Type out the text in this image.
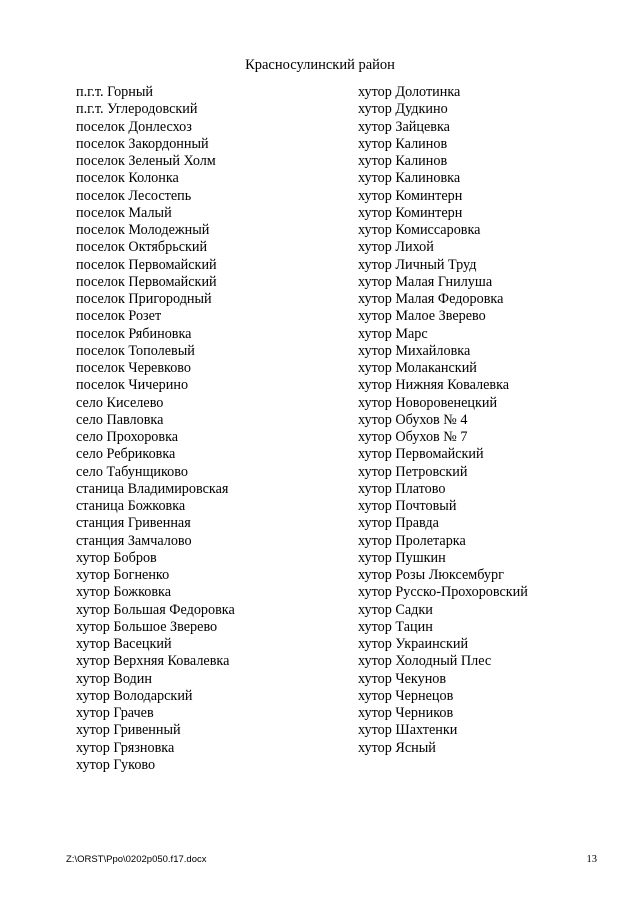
Красносулинский район
п.г.т. Горный
п.г.т. Углеродовский
поселок Донлесхоз
поселок Закордонный
поселок Зеленый Холм
поселок Колонка
поселок Лесостепь
поселок Малый
поселок Молодежный
поселок Октябрьский
поселок Первомайский
поселок Первомайский
поселок Пригородный
поселок Розет
поселок Рябиновка
поселок Тополевый
поселок Черевково
поселок Чичерино
село Киселево
село Павловка
село Прохоровка
село Ребриковка
село Табунщиково
станица Владимировская
станица Божковка
станция Гривенная
станция Замчалово
хутор Бобров
хутор Богненко
хутор Божковка
хутор Большая Федоровка
хутор Большое Зверево
хутор Васецкий
хутор Верхняя Ковалевка
хутор Водин
хутор Володарский
хутор Грачев
хутор Гривенный
хутор Грязновка
хутор Гуково
хутор Долотинка
хутор Дудкино
хутор Зайцевка
хутор Калинов
хутор Калинов
хутор Калиновка
хутор Коминтерн
хутор Коминтерн
хутор Комиссаровка
хутор Лихой
хутор Личный Труд
хутор Малая Гнилуша
хутор Малая Федоровка
хутор Малое Зверево
хутор Марс
хутор Михайловка
хутор Молаканский
хутор Нижняя Ковалевка
хутор Новоровенецкий
хутор Обухов № 4
хутор Обухов № 7
хутор Первомайский
хутор Петровский
хутор Платово
хутор Почтовый
хутор Правда
хутор Пролетарка
хутор Пушкин
хутор Розы Люксембург
хутор Русско-Прохоровский
хутор Садки
хутор Тацин
хутор Украинский
хутор Холодный Плес
хутор Чекунов
хутор Чернецов
хутор Черников
хутор Шахтенки
хутор Ясный
Z:\ORST\Ppo\0202p050.f17.docx	13
